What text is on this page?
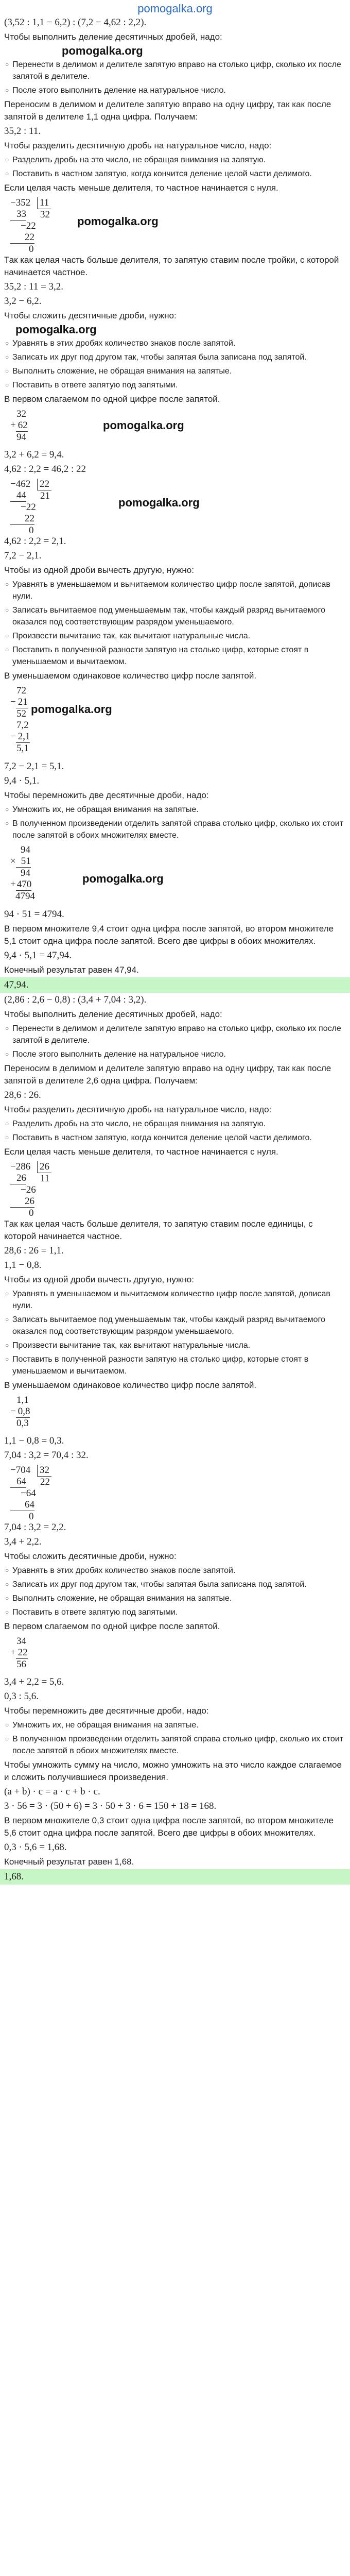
pomogalka.org
(3,52 : 1,1 − 6,2) : (7,2 − 4,62 : 2,2).
Чтобы выполнить деление десятичных дробей, надо:
pomogalka.org
○ Перенести в делимом и делителе запятую вправо на столько цифр, сколько их после запятой в делителе.
○ После этого выполнить деление на натуральное число.
Переносим в делимом и делителе запятую вправо на одну цифру, так как после запятой в делителе 1,1 одна цифра. Получаем:
35,2 : 11.
Чтобы разделить десятичную дробь на натуральное число, надо:
○ Разделить дробь на это число, не обращая внимания на запятую.
○ Поставить в частном запятую, когда кончится деление целой части делимого.
Если целая часть меньше делителя, то частное начинается с нуля.
−352
33
−22
22
0
11
32
pomogalka.org
Так как целая часть больше делителя, то запятую ставим после тройки, с которой начинается частное.
35,2 : 11 = 3,2.
3,2 − 6,2.
Чтобы сложить десятичные дроби, нужно:
pomogalka.org
○ Уравнять в этих дробях количество знаков после запятой.
○ Записать их друг под другом так, чтобы запятая была записана под запятой.
○ Выполнить сложение, не обращая внимания на запятые.
○ Поставить в ответе запятую под запятыми.
В первом слагаемом по одной цифре после запятой.
32
+ 62
94
pomogalka.org
3,2 + 6,2 = 9,4.
4,62 : 2,2 = 46,2 : 22
−462
44
−22
22
0
22
21
pomogalka.org
4,62 : 2,2 = 2,1.
7,2 − 2,1.
Чтобы из одной дроби вычесть другую, нужно:
○ Уравнять в уменьшаемом и вычитаемом количество цифр после запятой, дописав нули.
○ Записать вычитаемое под уменьшаемым так, чтобы каждый разряд вычитаемого оказался под соответствующим разрядом уменьшаемого.
○ Произвести вычитание так, как вычитают натуральные числа.
○ Поставить в полученной разности запятую на столько цифр, которые стоят в уменьшаемом и вычитаемом.
В уменьшаемом одинаковое количество цифр после запятой.
72
− 21
52
7,2
− 2,1
5,1
pomogalka.org
7,2 − 2,1 = 5,1.
9,4 · 5,1.
Чтобы перемножить две десятичные дроби, надо:
○ Умножить их, не обращая внимания на запятые.
○ В полученном произведении отделить запятой справа столько цифр, сколько их стоит после запятой в обоих множителях вместе.
94
× 51
94
+ 470
4794
pomogalka.org
94 · 51 = 4794.
В первом множителе 9,4 стоит одна цифра после запятой, во втором множителе 5,1 стоит одна цифра после запятой. Всего две цифры в обоих множителях.
9,4 · 5,1 = 47,94.
Конечный результат равен 47,94.
47,94.
(2,86 : 2,6 − 0,8) : (3,4 + 7,04 : 3,2).
Чтобы выполнить деление десятичных дробей, надо:
○ Перенести в делимом и делителе запятую вправо на столько цифр, сколько их после запятой в делителе.
○ После этого выполнить деление на натуральное число.
Переносим в делимом и делителе запятую вправо на одну цифру, так как после запятой в делителе 2,6 одна цифра. Получаем:
28,6 : 26.
Чтобы разделить десятичную дробь на натуральное число, надо:
○ Разделить дробь на это число, не обращая внимания на запятую.
○ Поставить в частном запятую, когда кончится деление целой части делимого.
Если целая часть меньше делителя, то частное начинается с нуля.
−286
26
−26
26
0
26
11
Так как целая часть больше делителя, то запятую ставим после единицы, с которой начинается частное.
28,6 : 26 = 1,1.
1,1 − 0,8.
Чтобы из одной дроби вычесть другую, нужно:
○ Уравнять в уменьшаемом и вычитаемом количество цифр после запятой, дописав нули.
○ Записать вычитаемое под уменьшаемым так, чтобы каждый разряд вычитаемого оказался под соответствующим разрядом уменьшаемого.
○ Произвести вычитание так, как вычитают натуральные числа.
○ Поставить в полученной разности запятую на столько цифр, которые стоят в уменьшаемом и вычитаемом.
В уменьшаемом одинаковое количество цифр после запятой.
1,1
− 0,8
0,3
1,1 − 0,8 = 0,3.
7,04 : 3,2 = 70,4 : 32.
−704
64
−64
64
0
32
22
7,04 : 3,2 = 2,2.
3,4 + 2,2.
Чтобы сложить десятичные дроби, нужно:
○ Уравнять в этих дробях количество знаков после запятой.
○ Записать их друг под другом так, чтобы запятая была записана под запятой.
○ Выполнить сложение, не обращая внимания на запятые.
○ Поставить в ответе запятую под запятыми.
В первом слагаемом по одной цифре после запятой.
34
+ 22
56
3,4 + 2,2 = 5,6.
0,3 : 5,6.
Чтобы перемножить две десятичные дроби, надо:
○ Умножить их, не обращая внимания на запятые.
○ В полученном произведении отделить запятой справа столько цифр, сколько их стоит после запятой в обоих множителях вместе.
Чтобы умножить сумму на число, можно умножить на это число каждое слагаемое и сложить получившиеся произведения.
(a + b) · c = a · c + b · c.
3 · 56 = 3 · (50 + 6) = 3 · 50 + 3 · 6 = 150 + 18 = 168.
В первом множителе 0,3 стоит одна цифра после запятой, во втором множителе 5,6 стоит одна цифра после запятой. Всего две цифры в обоих множителях.
0,3 · 5,6 = 1,68.
Конечный результат равен 1,68.
1,68.
